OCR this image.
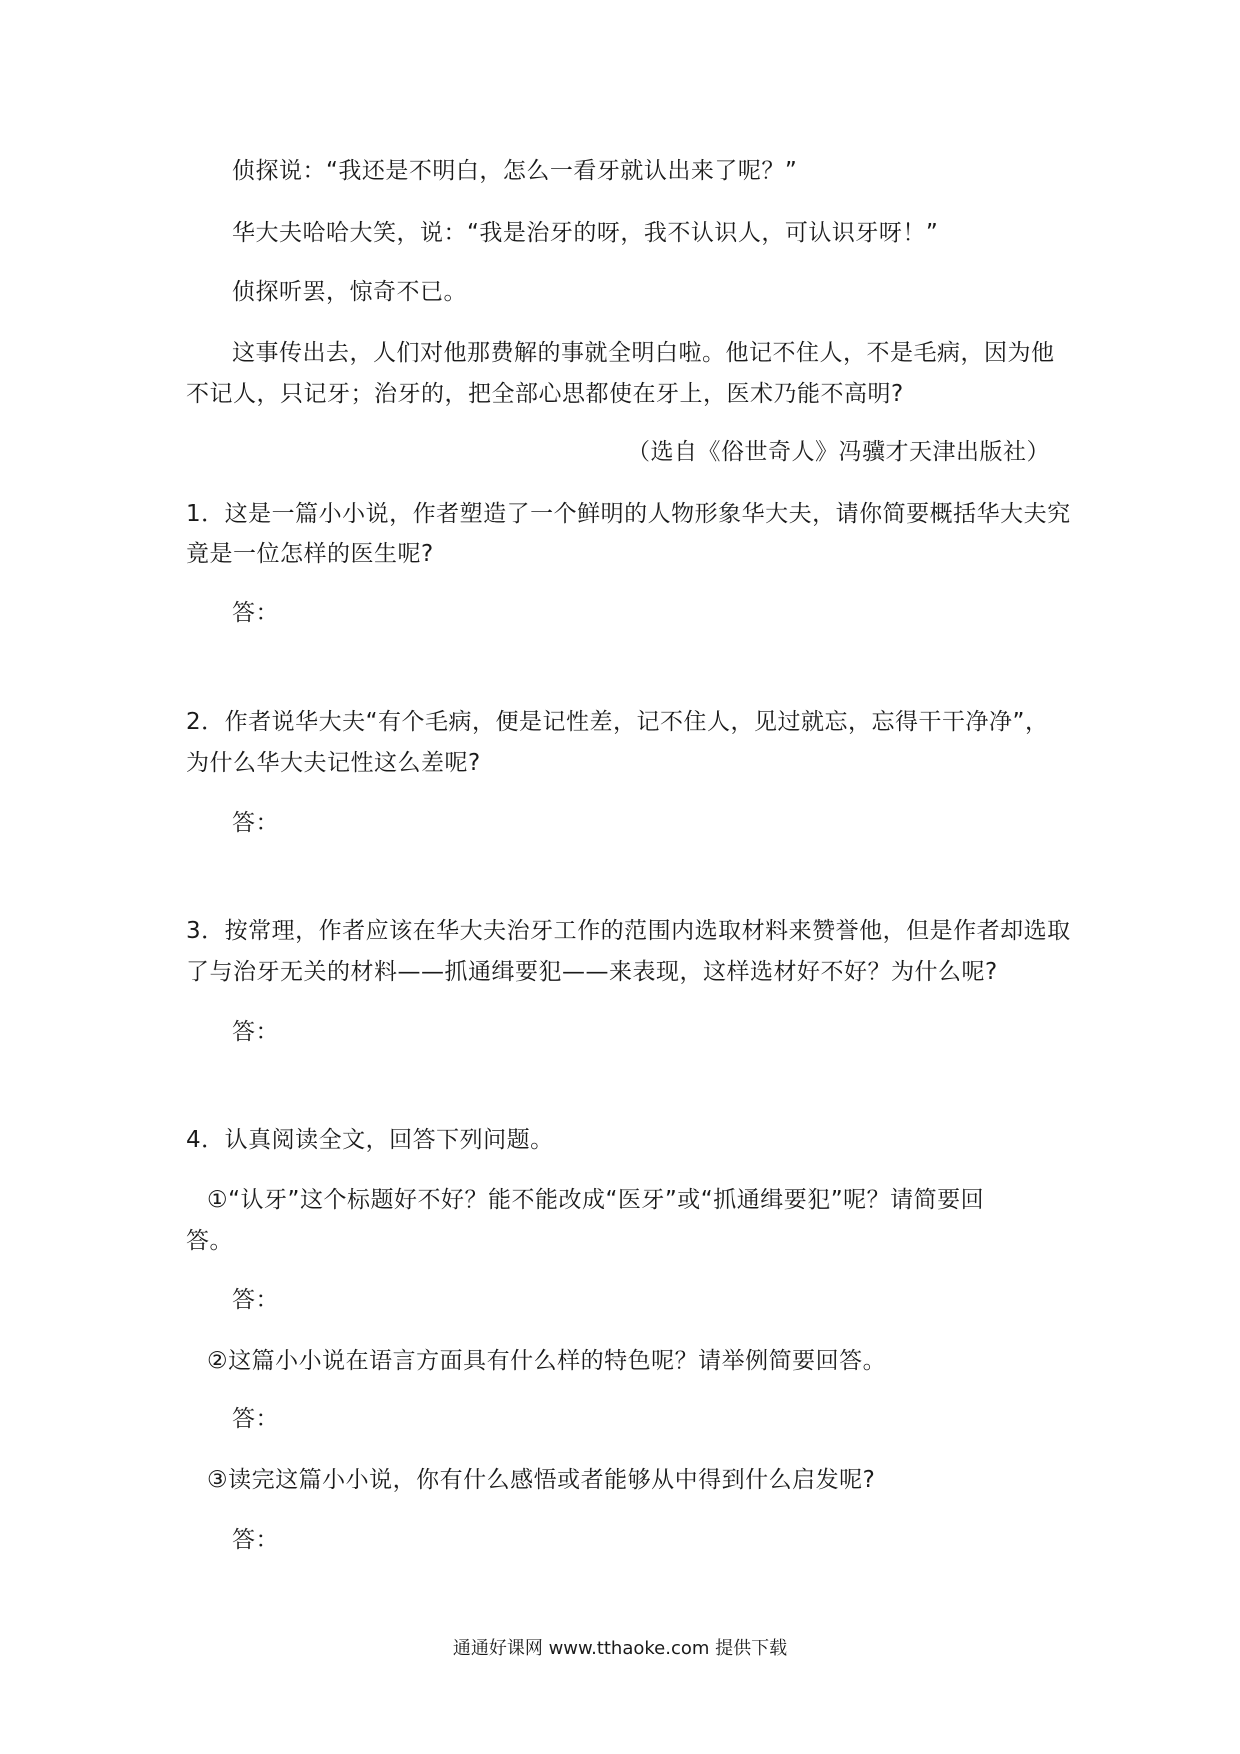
侦探说：“我还是不明白，怎么一看牙就认出来了呢？”
华大夫哈哈大笑，说：“我是治牙的呀，我不认识人，可认识牙呀！”
侦探听罢，惊奇不已。
这事传出去，人们对他那费解的事就全明白啦。他记不住人，不是毛病，因为他
不记人，只记牙；治牙的，把全部心思都使在牙上，医术乃能不高明?
（选自《俗世奇人》冯骥才天津出版社）
1．这是一篇小小说，作者塑造了一个鲜明的人物形象华大夫，请你简要概括华大夫究
竟是一位怎样的医生呢?
答：
2．作者说华大夫“有个毛病，便是记性差，记不住人，见过就忘，忘得干干净净”，
为什么华大夫记性这么差呢?
答：
3．按常理，作者应该在华大夫治牙工作的范围内选取材料来赞誉他，但是作者却选取
了与治牙无关的材料——抓通缉要犯——来表现，这样选材好不好？为什么呢?
答：
4．认真阅读全文，回答下列问题。
①“认牙”这个标题好不好？能不能改成“医牙”或“抓通缉要犯”呢？请简要回
答。
答：
②这篇小小说在语言方面具有什么样的特色呢？请举例简要回答。
答：
③读完这篇小小说，你有什么感悟或者能够从中得到什么启发呢?
答：
通通好课网 www.tthaoke.com 提供下载
